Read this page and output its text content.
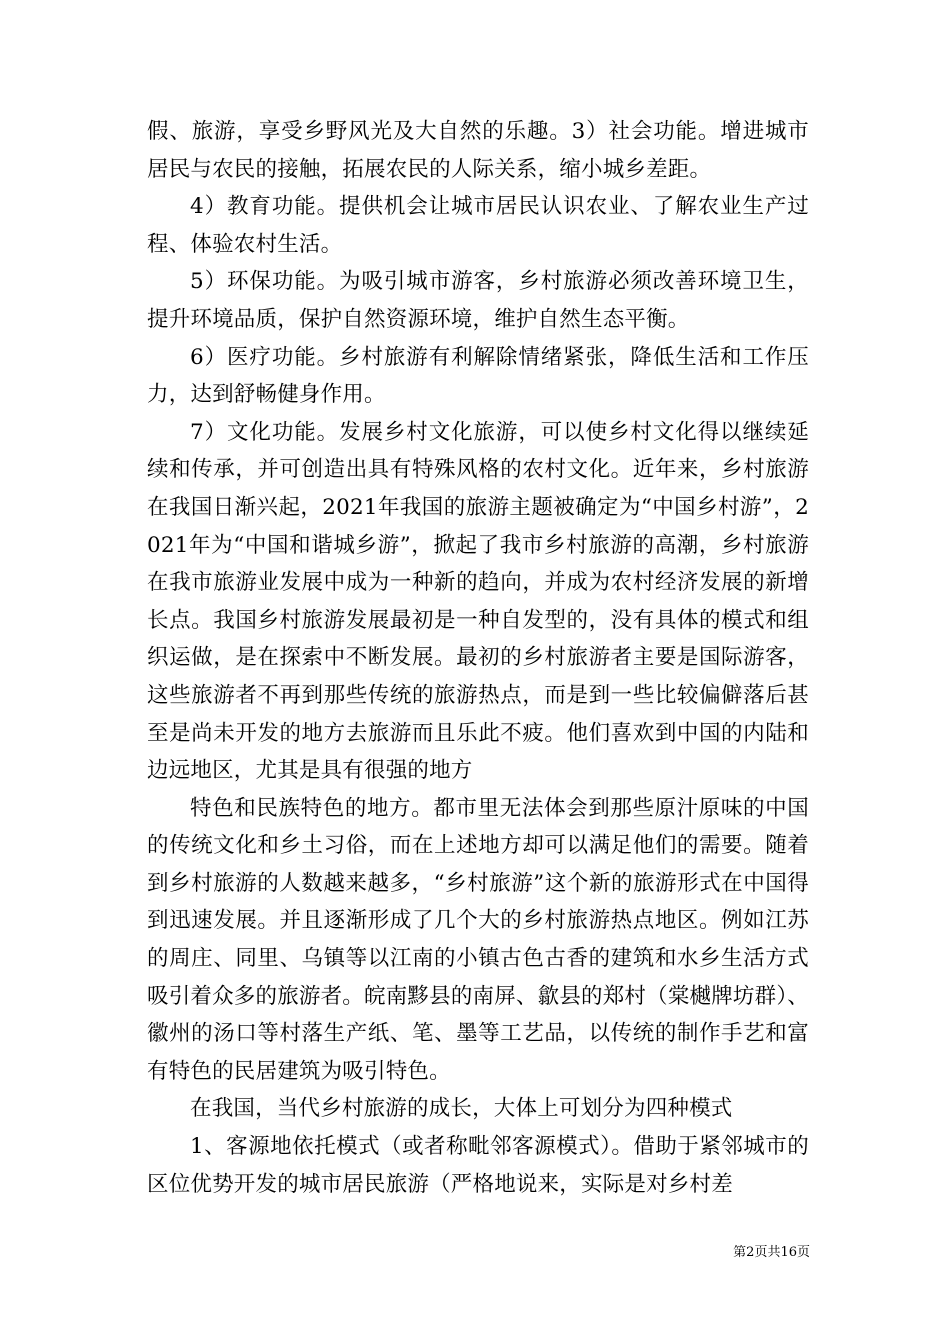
假、旅游，享受乡野风光及大自然的乐趣。3）社会功能。增进城市居民与农民的接触，拓展农民的人际关系，缩小城乡差距。

4）教育功能。提供机会让城市居民认识农业、了解农业生产过程、体验农村生活。

5）环保功能。为吸引城市游客，乡村旅游必须改善环境卫生，提升环境品质，保护自然资源环境，维护自然生态平衡。

6）医疗功能。乡村旅游有利解除情绪紧张，降低生活和工作压力，达到舒畅健身作用。

7）文化功能。发展乡村文化旅游，可以使乡村文化得以继续延续和传承，并可创造出具有特殊风格的农村文化。近年来，乡村旅游在我国日渐兴起，2021年我国的旅游主题被确定为“中国乡村游”，2021年为“中国和谐城乡游”，掀起了我市乡村旅游的高潮，乡村旅游在我市旅游业发展中成为一种新的趋向，并成为农村经济发展的新增长点。我国乡村旅游发展最初是一种自发型的，没有具体的模式和组织运做，是在探索中不断发展。最初的乡村旅游者主要是国际游客，这些旅游者不再到那些传统的旅游热点，而是到一些比较偏僻落后甚至是尚未开发的地方去旅游而且乐此不疲。他们喜欢到中国的内陆和边远地区，尤其是具有很强的地方

特色和民族特色的地方。都市里无法体会到那些原汁原味的中国的传统文化和乡土习俗，而在上述地方却可以满足他们的需要。随着到乡村旅游的人数越来越多，“乡村旅游”这个新的旅游形式在中国得到迅速发展。并且逐渐形成了几个大的乡村旅游热点地区。例如江苏的周庄、同里、乌镇等以江南的小镇古色古香的建筑和水乡生活方式吸引着众多的旅游者。皖南黟县的南屏、歙县的郑村（棠樾牌坊群）、徽州的汤口等村落生产纸、笔、墨等工艺品，以传统的制作手艺和富有特色的民居建筑为吸引特色。

在我国，当代乡村旅游的成长，大体上可划分为四种模式

1、客源地依托模式（或者称毗邻客源模式）。借助于紧邻城市的区位优势开发的城市居民旅游（严格地说来，实际是对乡村差

第2页共16页
